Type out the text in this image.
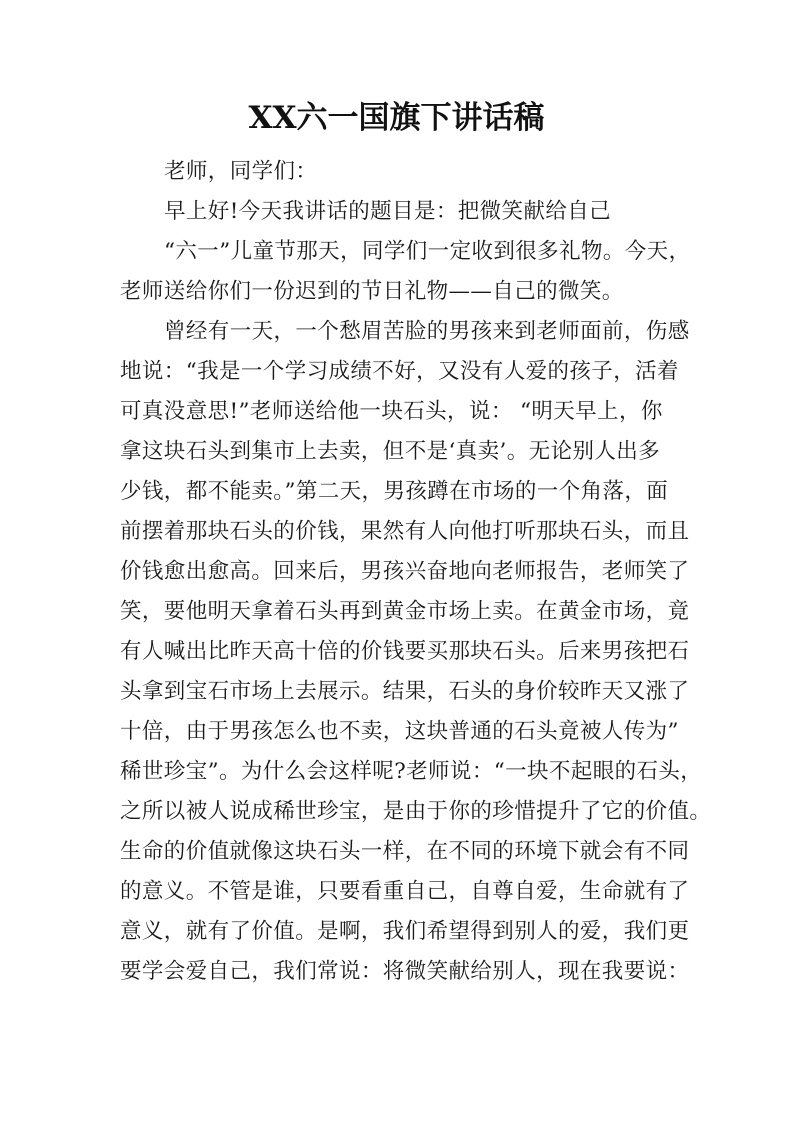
XX六一国旗下讲话稿
老师，同学们：
早上好!今天我讲话的题目是：把微笑献给自己
“六一”儿童节那天，同学们一定收到很多礼物。今天，
老师送给你们一份迟到的节日礼物——自己的微笑。
曾经有一天，一个愁眉苦脸的男孩来到老师面前，伤感
地说：“我是一个学习成绩不好，又没有人爱的孩子，活着
可真没意思!”老师送给他一块石头，说： “明天早上，你
拿这块石头到集市上去卖，但不是‘真卖’。无论别人出多
少钱，都不能卖。”第二天，男孩蹲在市场的一个角落，面
前摆着那块石头的价钱，果然有人向他打听那块石头，而且
价钱愈出愈高。回来后，男孩兴奋地向老师报告，老师笑了
笑，要他明天拿着石头再到黄金市场上卖。在黄金市场，竟
有人喊出比昨天高十倍的价钱要买那块石头。后来男孩把石
头拿到宝石市场上去展示。结果，石头的身价较昨天又涨了
十倍，由于男孩怎么也不卖，这块普通的石头竟被人传为”
稀世珍宝”。为什么会这样呢?老师说：“一块不起眼的石头，
之所以被人说成稀世珍宝，是由于你的珍惜提升了它的价值。
生命的价值就像这块石头一样，在不同的环境下就会有不同
的意义。不管是谁，只要看重自己，自尊自爱，生命就有了
意义，就有了价值。是啊，我们希望得到别人的爱，我们更
要学会爱自己，我们常说：将微笑献给别人，现在我要说：
